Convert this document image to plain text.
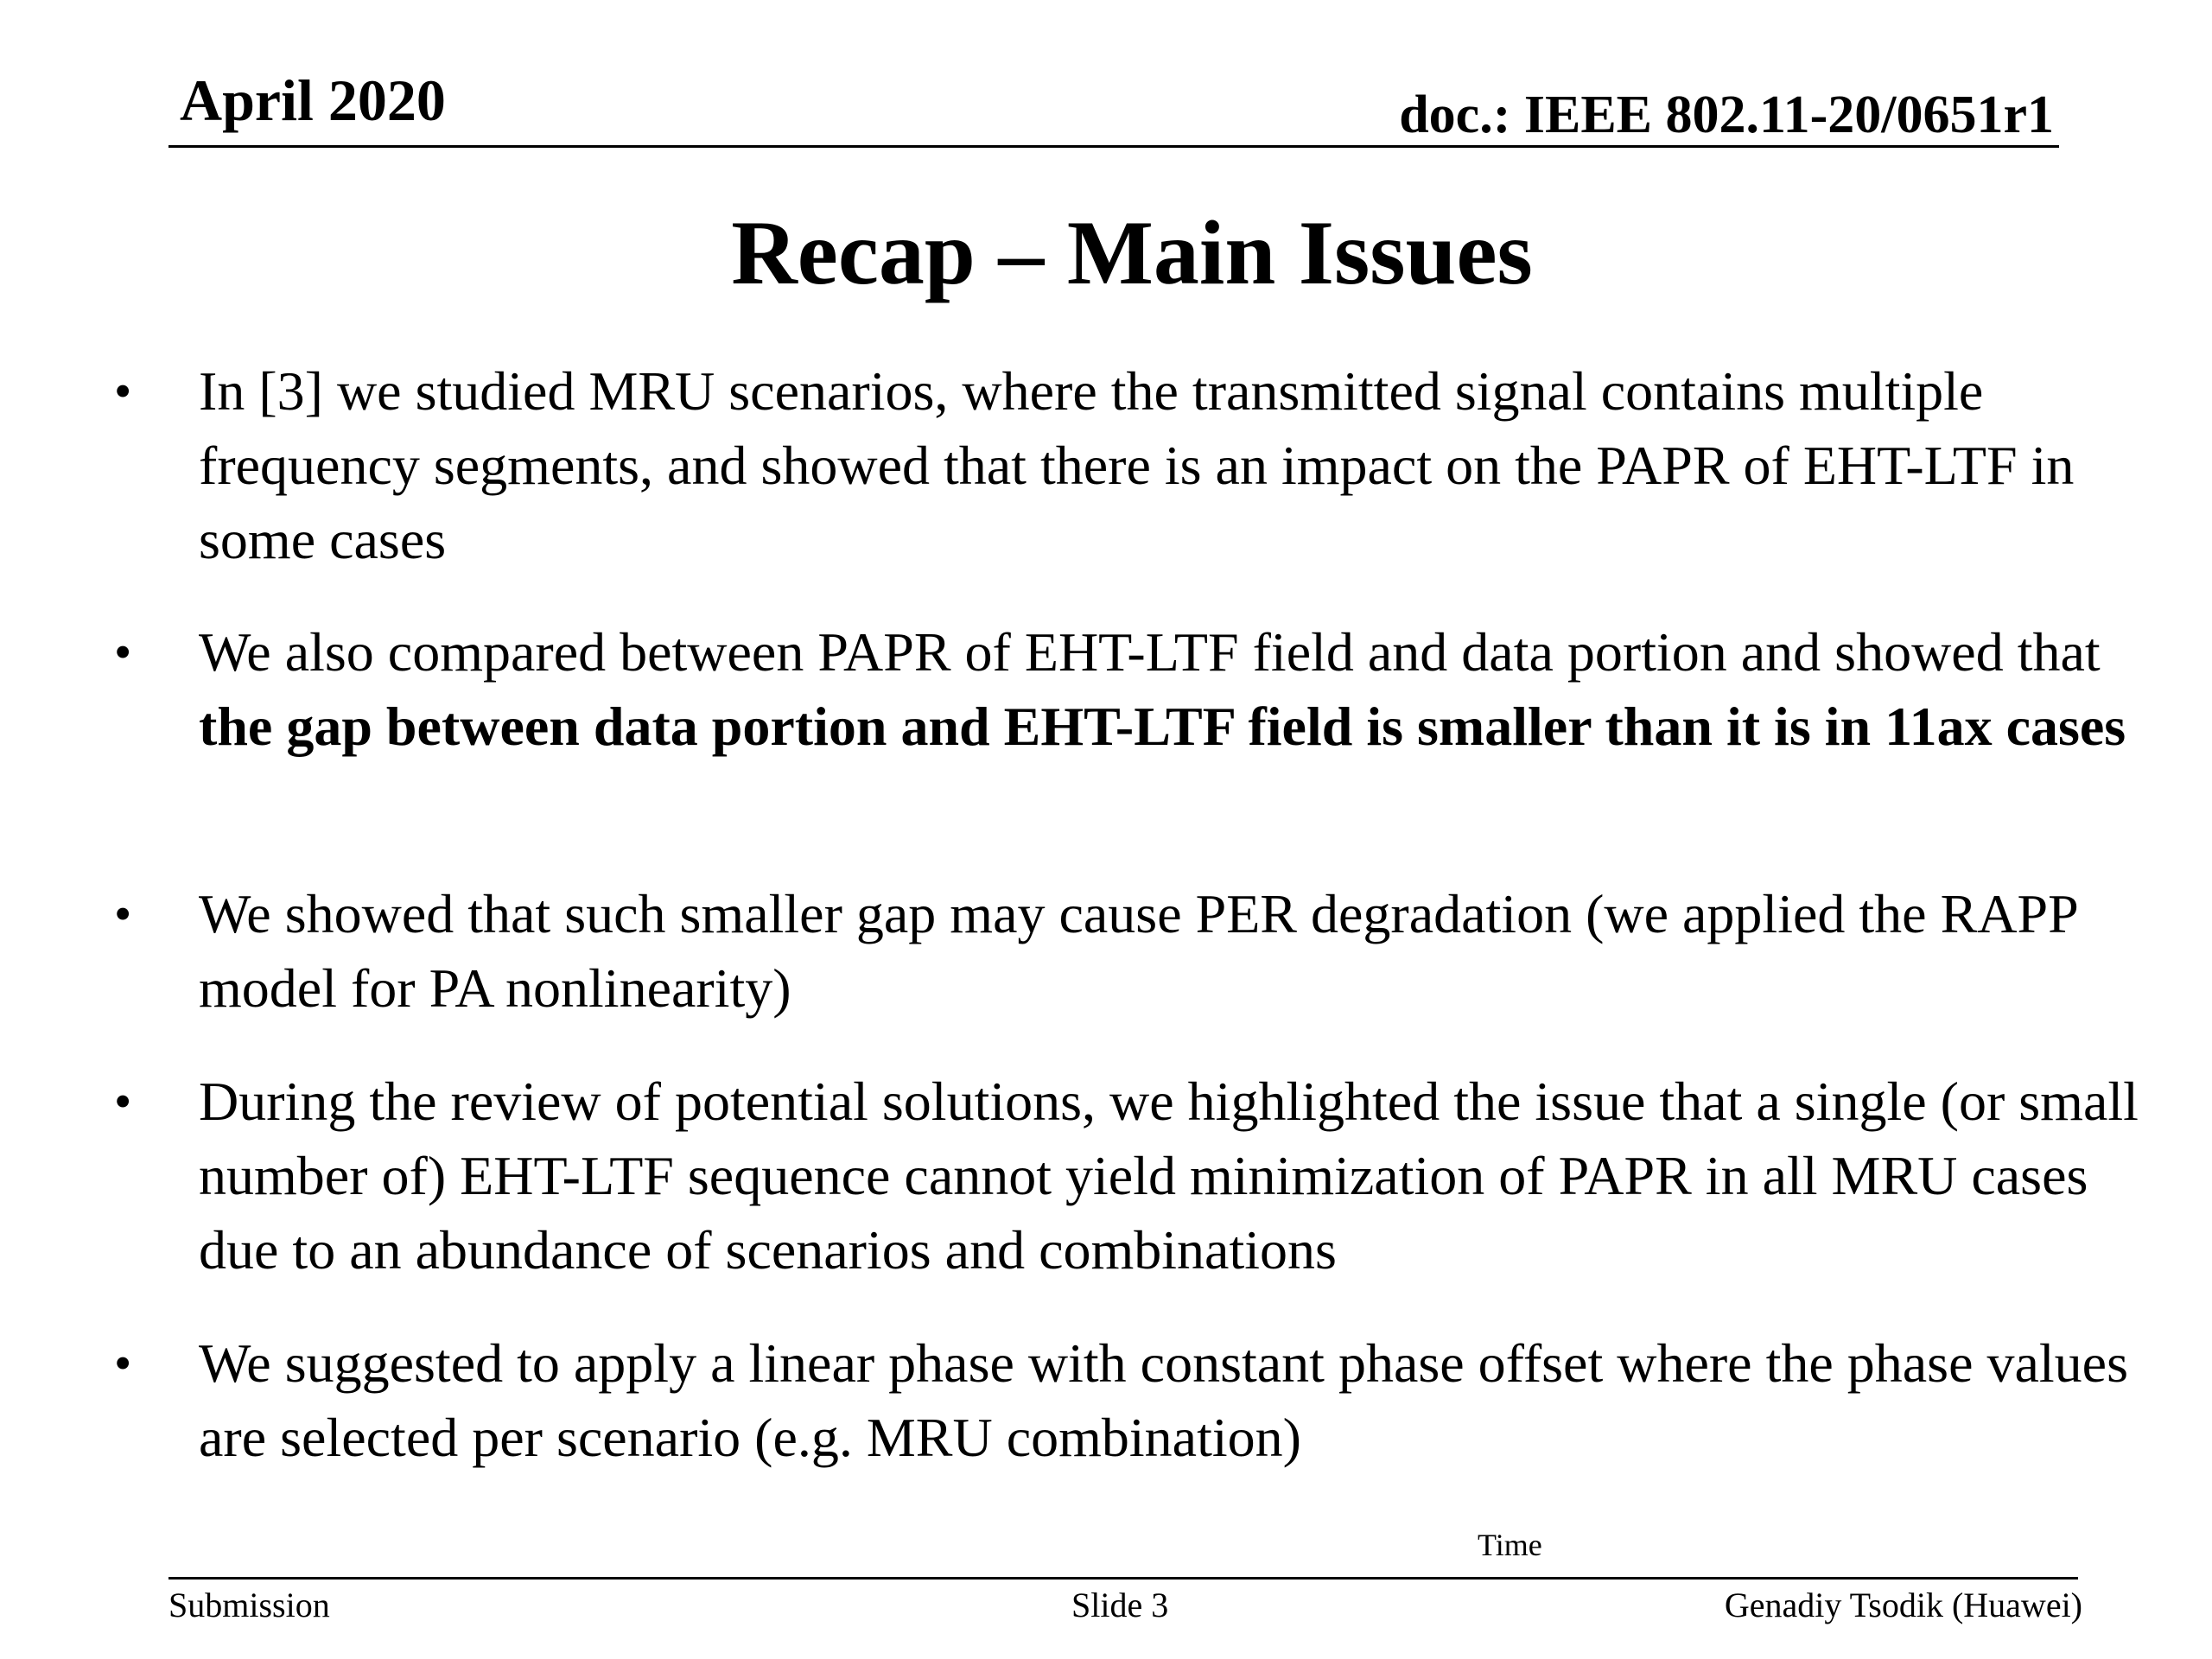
April 2020	doc.: IEEE 802.11-20/0651r1
Recap – Main Issues
• In [3] we studied MRU scenarios, where the transmitted signal contains multiple frequency segments, and showed that there is an impact on the PAPR of EHT-LTF in some cases
• We also compared between PAPR of EHT-LTF field and data portion and showed that the gap between data portion and EHT-LTF field is smaller than it is in 11ax cases
• We showed that such smaller gap may cause PER degradation (we applied the RAPP model for PA nonlinearity)
• During the review of potential solutions, we highlighted the issue that a single (or small number of) EHT-LTF sequence cannot yield minimization of PAPR in all MRU cases due to an abundance of scenarios and combinations
• We suggested to apply a linear phase with constant phase offset where the phase values are selected per scenario (e.g. MRU combination)
Time
Submission	Slide 3	Genadiy Tsodik (Huawei)
